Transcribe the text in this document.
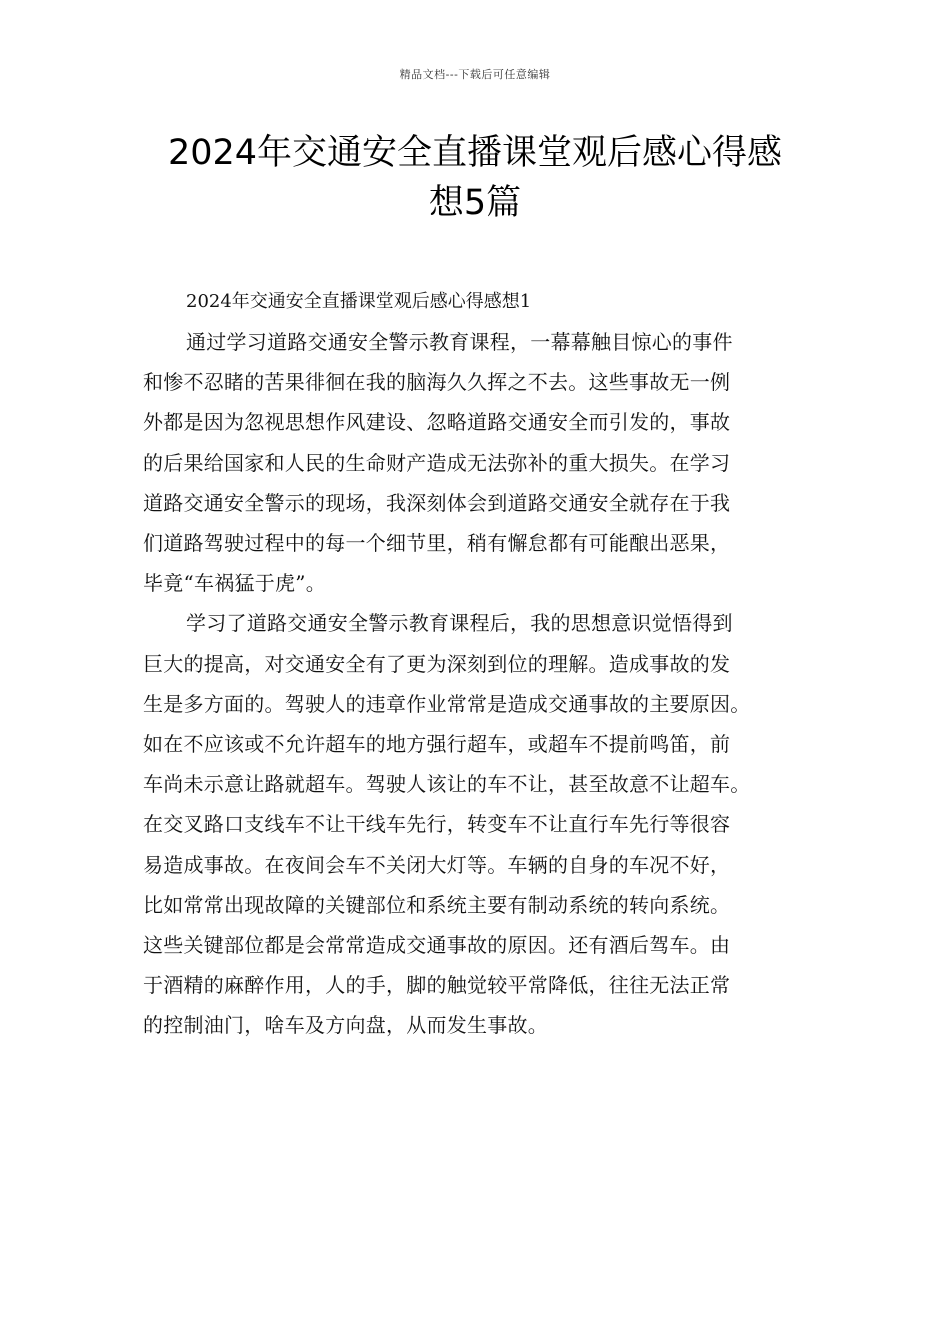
精品文档---下载后可任意编辑
2024年交通安全直播课堂观后感心得感
想5篇

2024年交通安全直播课堂观后感心得感想1

通过学习道路交通安全警示教育课程，一幕幕触目惊心的事件
和惨不忍睹的苦果徘徊在我的脑海久久挥之不去。这些事故无一例
外都是因为忽视思想作风建设、忽略道路交通安全而引发的，事故
的后果给国家和人民的生命财产造成无法弥补的重大损失。在学习
道路交通安全警示的现场，我深刻体会到道路交通安全就存在于我
们道路驾驶过程中的每一个细节里，稍有懈怠都有可能酿出恶果，
毕竟“车祸猛于虎”。
学习了道路交通安全警示教育课程后，我的思想意识觉悟得到
巨大的提高，对交通安全有了更为深刻到位的理解。造成事故的发
生是多方面的。驾驶人的违章作业常常是造成交通事故的主要原因。
如在不应该或不允许超车的地方强行超车，或超车不提前鸣笛，前
车尚未示意让路就超车。驾驶人该让的车不让，甚至故意不让超车。
在交叉路口支线车不让干线车先行，转变车不让直行车先行等很容
易造成事故。在夜间会车不关闭大灯等。车辆的自身的车况不好，
比如常常出现故障的关键部位和系统主要有制动系统的转向系统。
这些关键部位都是会常常造成交通事故的原因。还有酒后驾车。由
于酒精的麻醉作用，人的手，脚的触觉较平常降低，往往无法正常
的控制油门，啥车及方向盘，从而发生事故。
